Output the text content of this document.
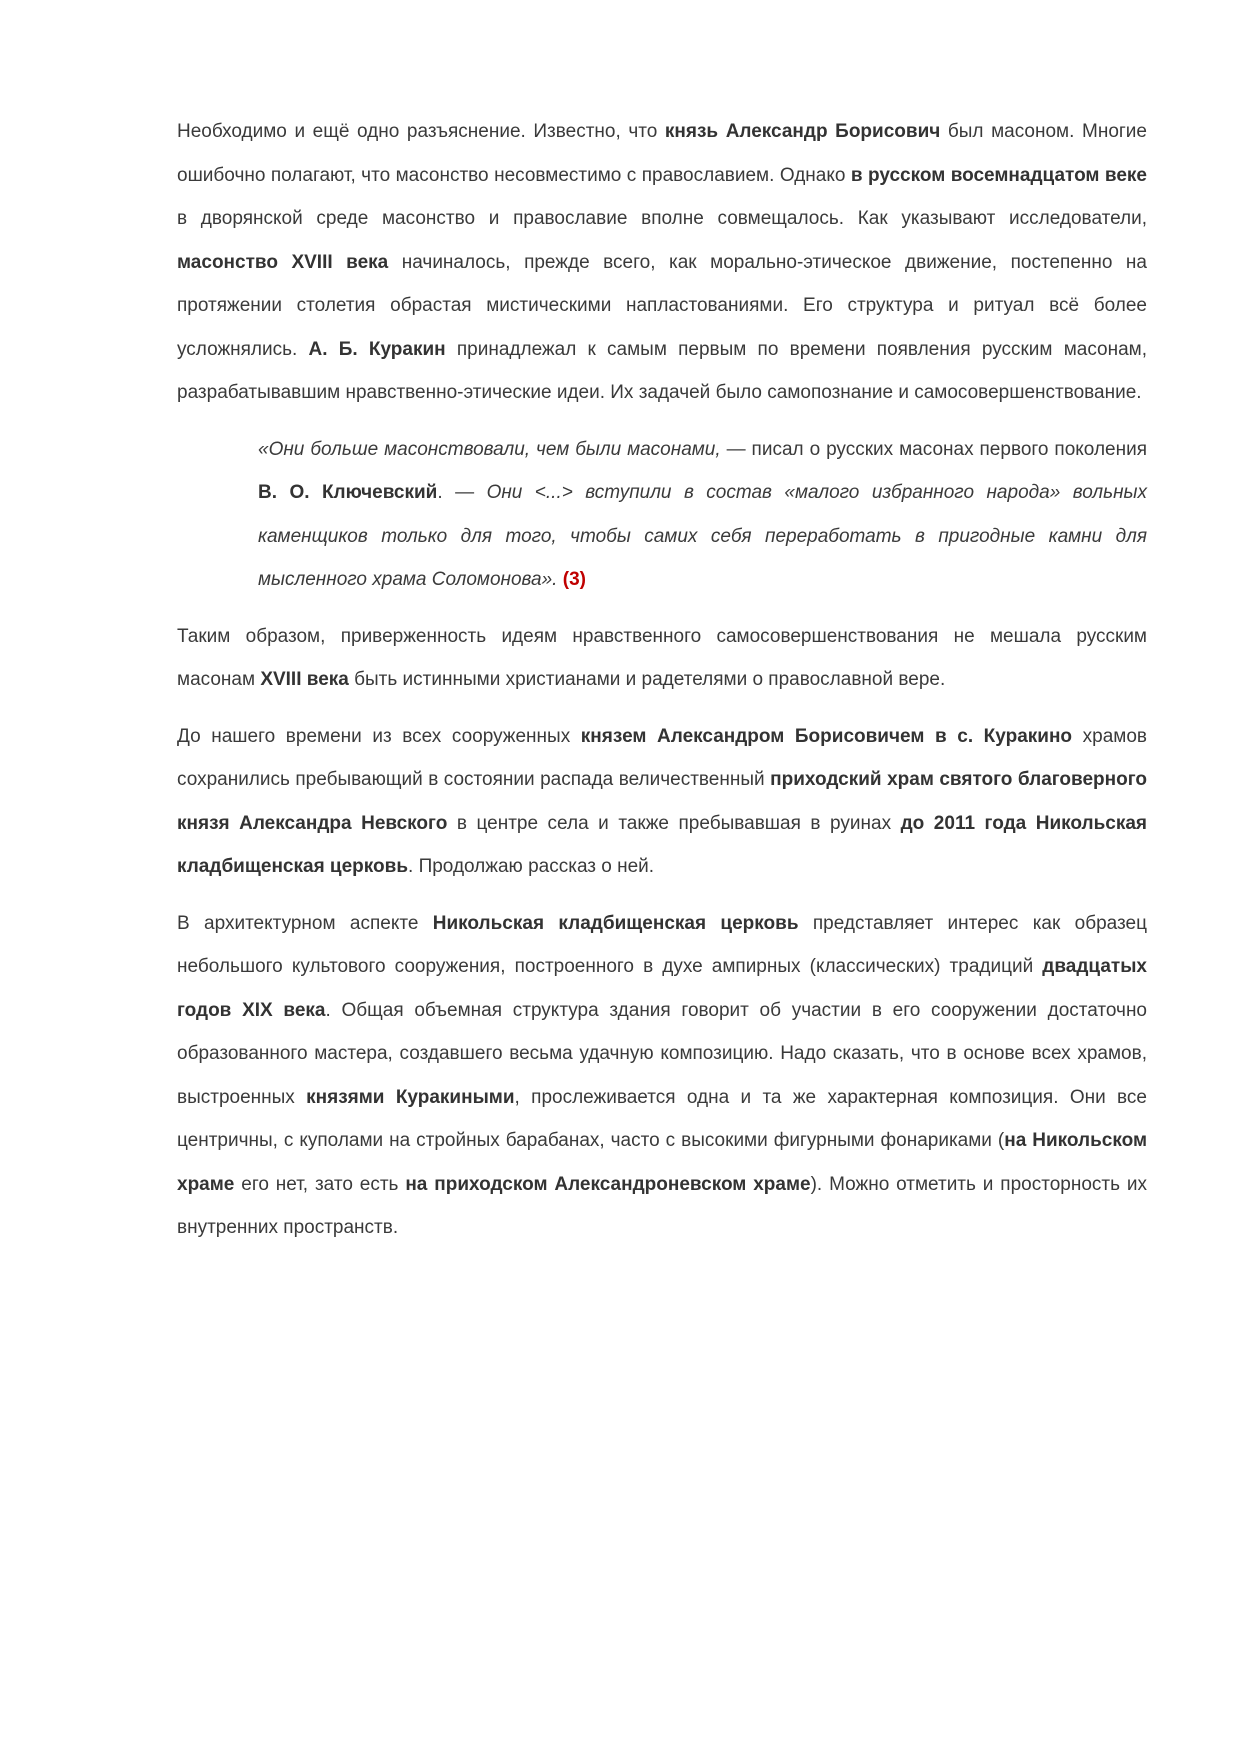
Необходимо и ещё одно разъяснение. Известно, что князь Александр Борисович был масоном. Многие ошибочно полагают, что масонство несовместимо с православием. Однако в русском восемнадцатом веке в дворянской среде масонство и православие вполне совмещалось. Как указывают исследователи, масонство XVIII века начиналось, прежде всего, как морально-этическое движение, постепенно на протяжении столетия обрастая мистическими напластованиями. Его структура и ритуал всё более усложнялись. А. Б. Куракин принадлежал к самым первым по времени появления русским масонам, разрабатывавшим нравственно-этические идеи. Их задачей было самопознание и самосовершенствование.

«Они больше масонствовали, чем были масонами, — писал о русских масонах первого поколения В. О. Ключевский. — Они <...> вступили в состав «малого избранного народа» вольных каменщиков только для того, чтобы самих себя переработать в пригодные камни для мысленного храма Соломонова». (3)

Таким образом, приверженность идеям нравственного самосовершенствования не мешала русским масонам XVIII века быть истинными христианами и радетелями о православной вере.

До нашего времени из всех сооруженных князем Александром Борисовичем в с. Куракино храмов сохранились пребывающий в состоянии распада величественный приходский храм святого благоверного князя Александра Невского в центре села и также пребывавшая в руинах до 2011 года Никольская кладбищенская церковь. Продолжаю рассказ о ней.

В архитектурном аспекте Никольская кладбищенская церковь представляет интерес как образец небольшого культового сооружения, построенного в духе ампирных (классических) традиций двадцатых годов XIX века. Общая объемная структура здания говорит об участии в его сооружении достаточно образованного мастера, создавшего весьма удачную композицию. Надо сказать, что в основе всех храмов, выстроенных князями Куракиными, прослеживается одна и та же характерная композиция. Они все центричны, с куполами на стройных барабанах, часто с высокими фигурными фонариками (на Никольском храме его нет, зато есть на приходском Александроневском храме). Можно отметить и просторность их внутренних пространств.
